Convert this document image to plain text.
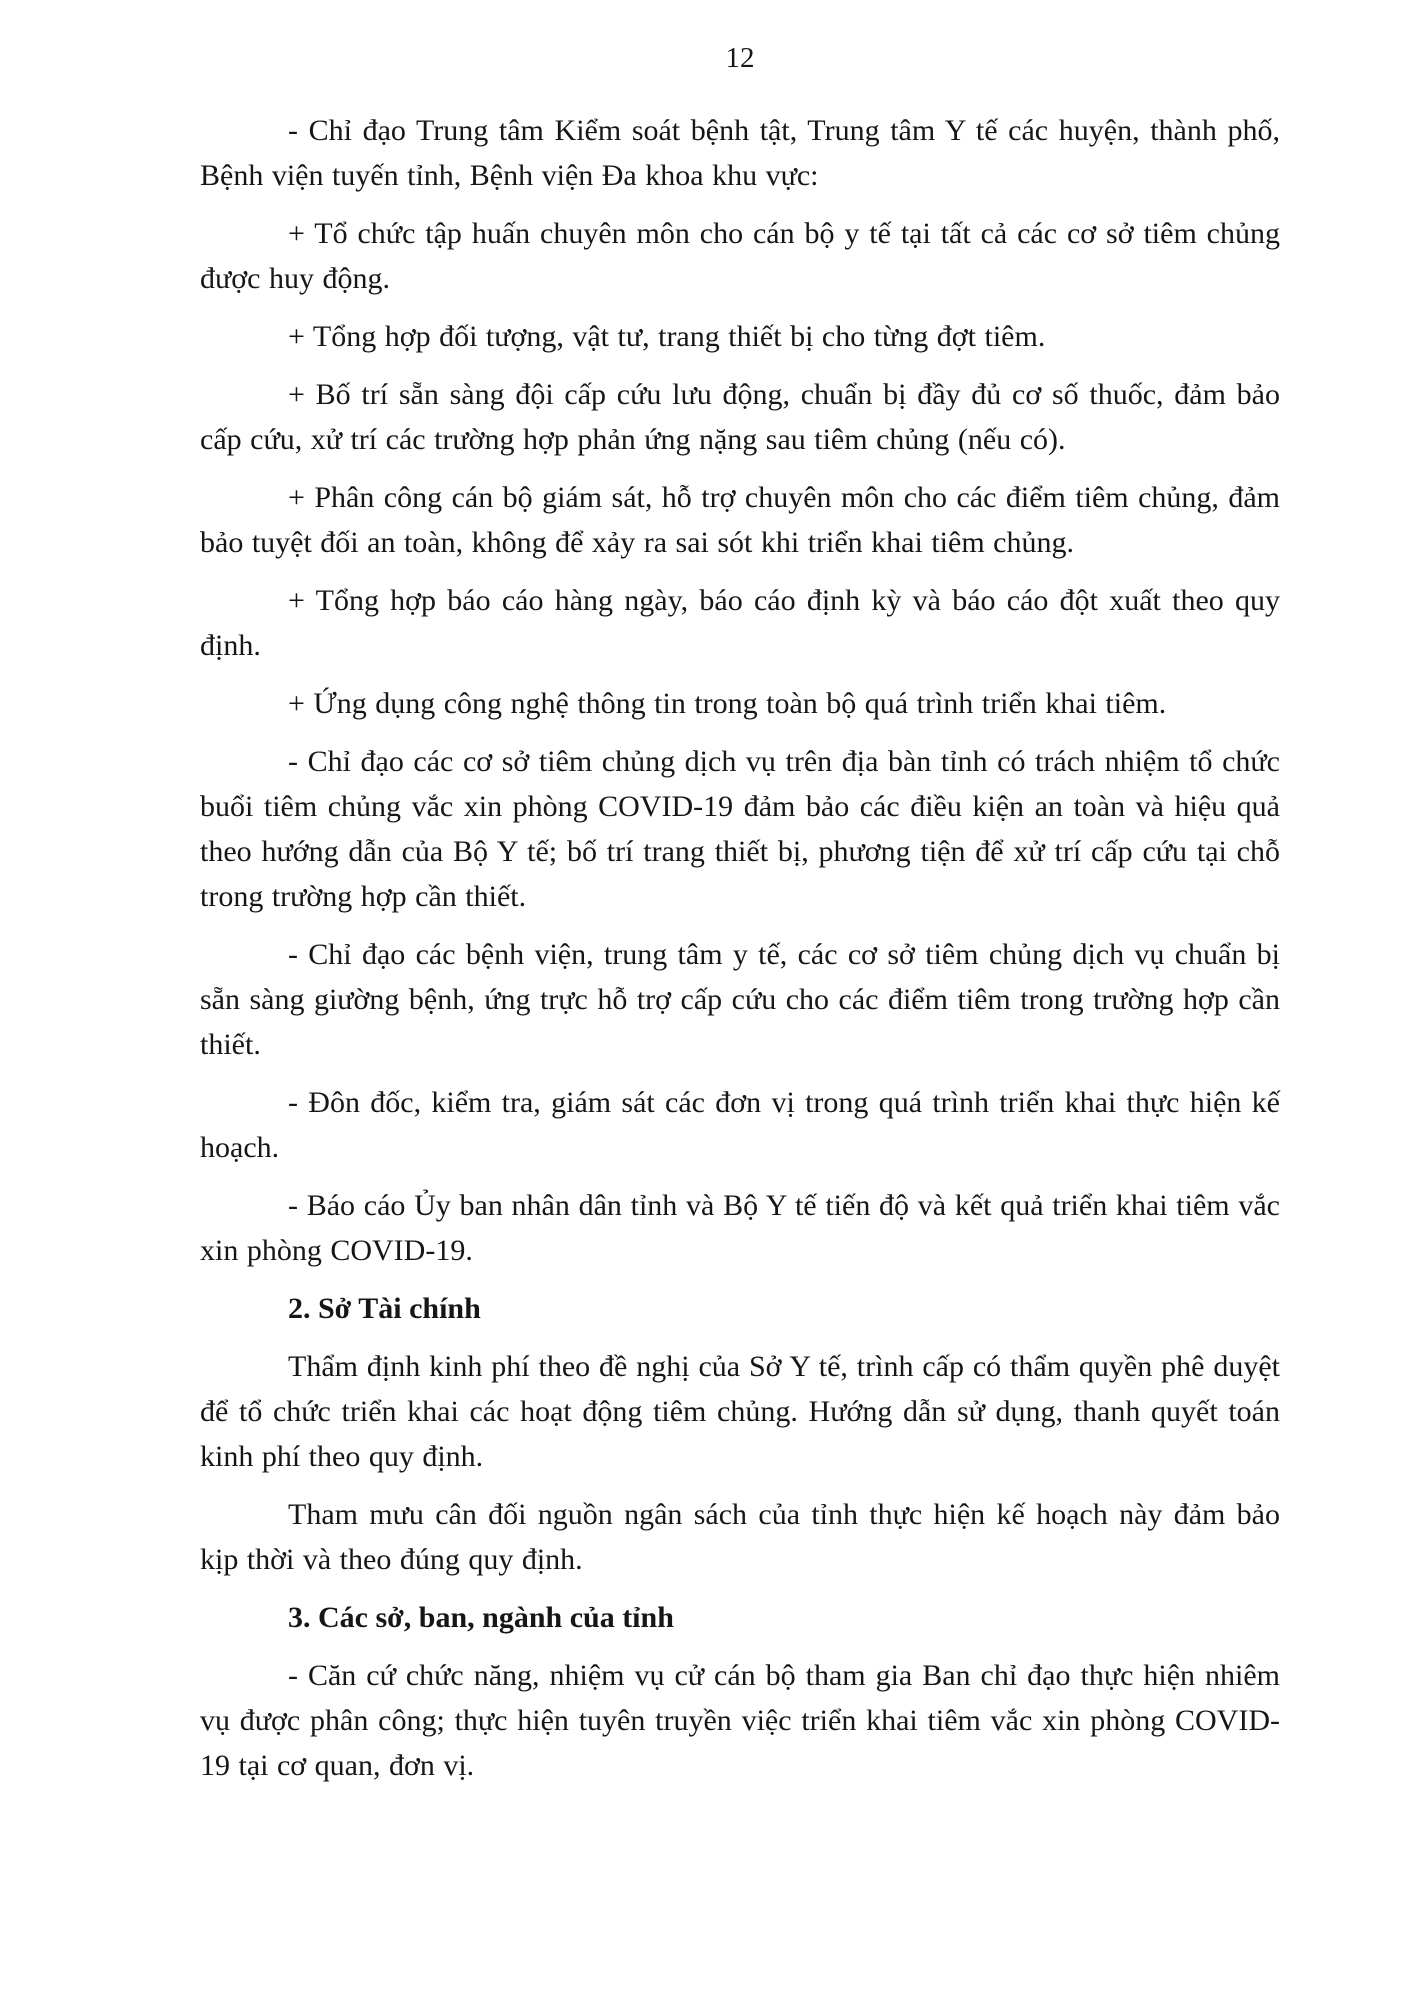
12

- Chỉ đạo Trung tâm Kiểm soát bệnh tật, Trung tâm Y tế các huyện, thành phố, Bệnh viện tuyến tỉnh, Bệnh viện Đa khoa khu vực:

+ Tổ chức tập huấn chuyên môn cho cán bộ y tế tại tất cả các cơ sở tiêm chủng được huy động.

+ Tổng hợp đối tượng, vật tư, trang thiết bị cho từng đợt tiêm.

+ Bố trí sẵn sàng đội cấp cứu lưu động, chuẩn bị đầy đủ cơ số thuốc, đảm bảo cấp cứu, xử trí các trường hợp phản ứng nặng sau tiêm chủng (nếu có).

+ Phân công cán bộ giám sát, hỗ trợ chuyên môn cho các điểm tiêm chủng, đảm bảo tuyệt đối an toàn, không để xảy ra sai sót khi triển khai tiêm chủng.

+ Tổng hợp báo cáo hàng ngày, báo cáo định kỳ và báo cáo đột xuất theo quy định.

+ Ứng dụng công nghệ thông tin trong toàn bộ quá trình triển khai tiêm.

- Chỉ đạo các cơ sở tiêm chủng dịch vụ trên địa bàn tỉnh có trách nhiệm tổ chức buổi tiêm chủng vắc xin phòng COVID-19 đảm bảo các điều kiện an toàn và hiệu quả theo hướng dẫn của Bộ Y tế; bố trí trang thiết bị, phương tiện để xử trí cấp cứu tại chỗ trong trường hợp cần thiết.

- Chỉ đạo các bệnh viện, trung tâm y tế, các cơ sở tiêm chủng dịch vụ chuẩn bị sẵn sàng giường bệnh, ứng trực hỗ trợ cấp cứu cho các điểm tiêm trong trường hợp cần thiết.

- Đôn đốc, kiểm tra, giám sát các đơn vị trong quá trình triển khai thực hiện kế hoạch.

- Báo cáo Ủy ban nhân dân tỉnh và Bộ Y tế tiến độ và kết quả triển khai tiêm vắc xin phòng COVID-19.

2. Sở Tài chính

Thẩm định kinh phí theo đề nghị của Sở Y tế, trình cấp có thẩm quyền phê duyệt để tổ chức triển khai các hoạt động tiêm chủng. Hướng dẫn sử dụng, thanh quyết toán kinh phí theo quy định.

Tham mưu cân đối nguồn ngân sách của tỉnh thực hiện kế hoạch này đảm bảo kịp thời và theo đúng quy định.

3. Các sở, ban, ngành của tỉnh

- Căn cứ chức năng, nhiệm vụ cử cán bộ tham gia Ban chỉ đạo thực hiện nhiêm vụ được phân công; thực hiện tuyên truyền việc triển khai tiêm vắc xin phòng COVID-19 tại cơ quan, đơn vị.
